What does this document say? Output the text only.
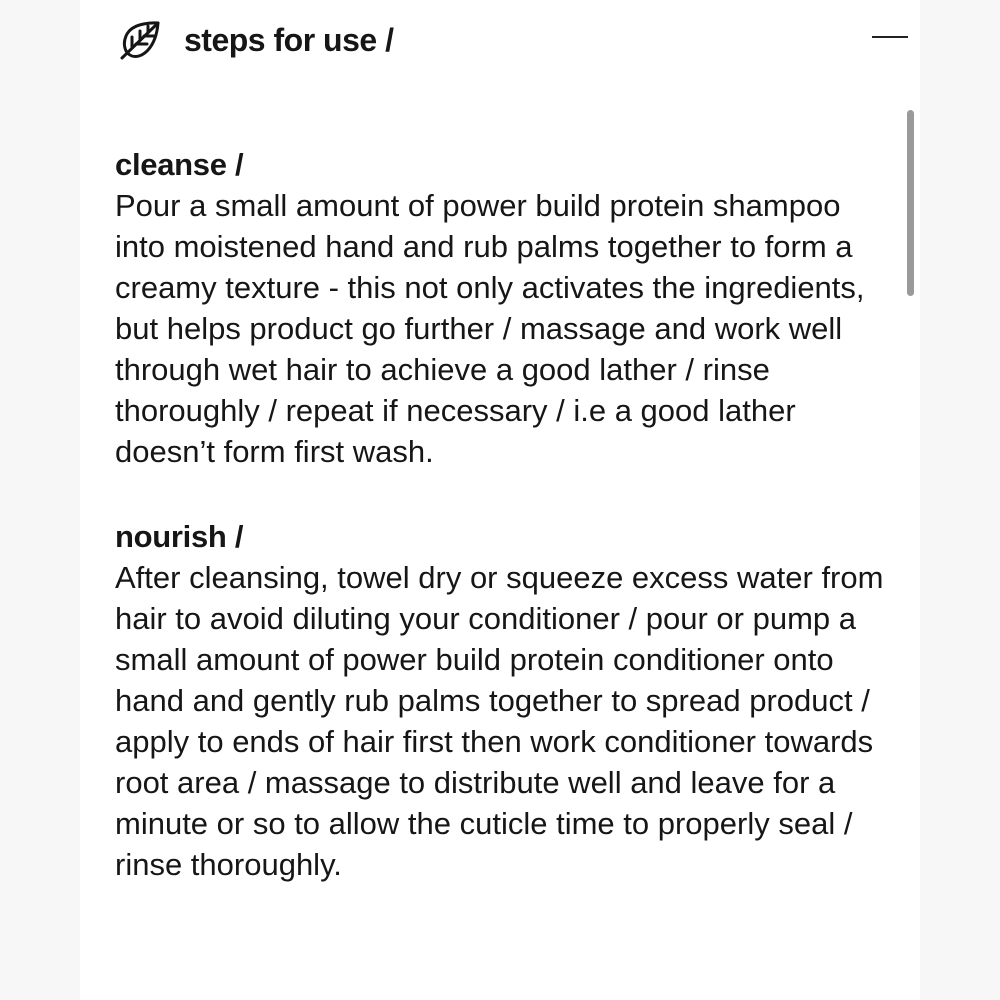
steps for use /
cleanse /

Pour a small amount of power build protein shampoo into moistened hand and rub palms together to form a creamy texture - this not only activates the ingredients, but helps product go further / massage and work well through wet hair to achieve a good lather / rinse thoroughly / repeat if necessary / i.e a good lather doesn’t form first wash.

nourish /

After cleansing, towel dry or squeeze excess water from hair to avoid diluting your conditioner / pour or pump a small amount of power build protein conditioner onto hand and gently rub palms together to spread product / apply to ends of hair first then work conditioner towards root area / massage to distribute well and leave for a minute or so to allow the cuticle time to properly seal / rinse thoroughly.
